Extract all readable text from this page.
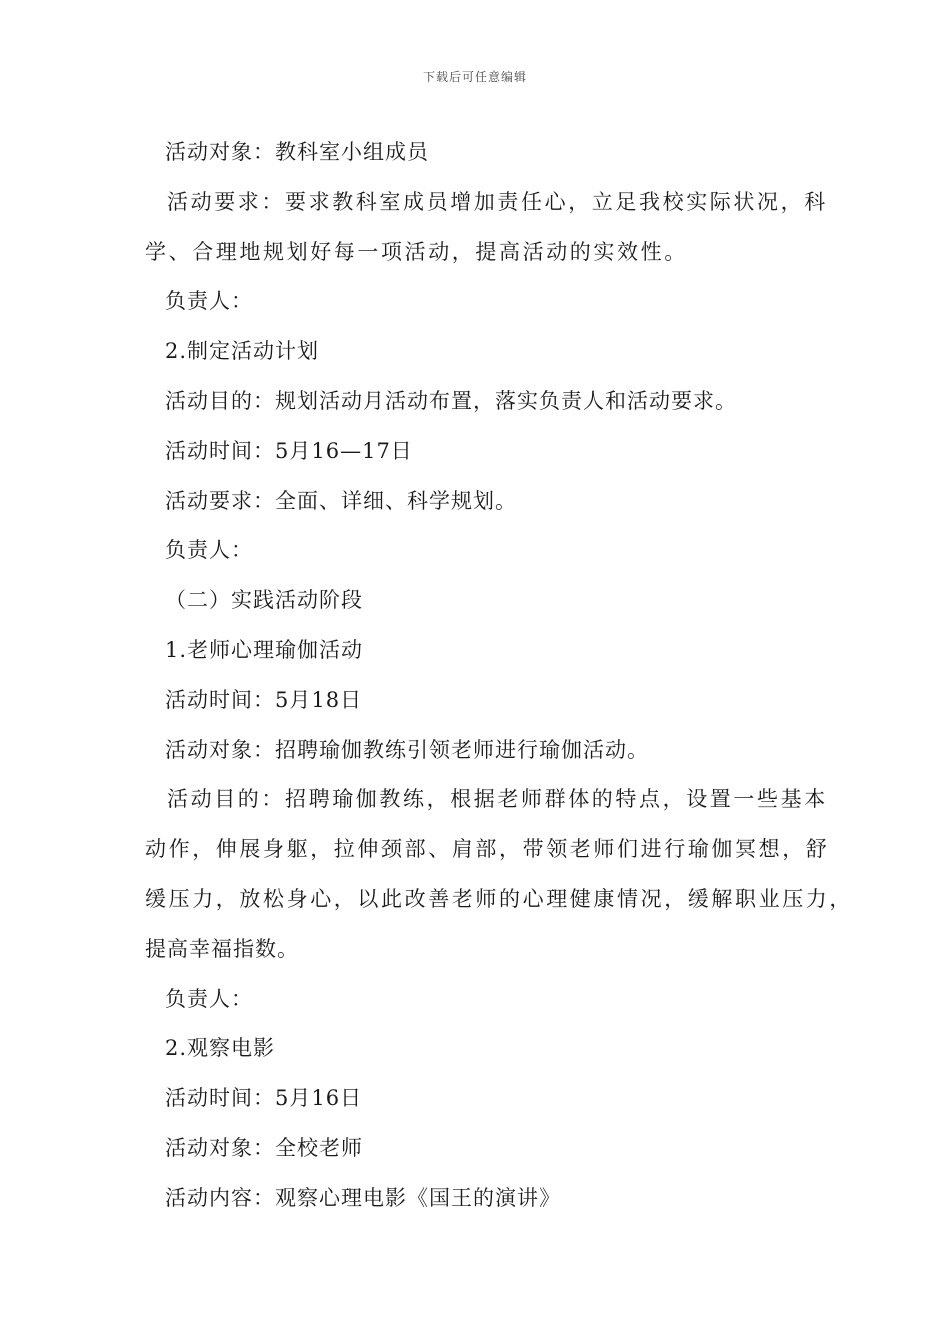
下载后可任意编辑
活动对象：教科室小组成员
活动要求：要求教科室成员增加责任心，立足我校实际状况，科
学、合理地规划好每一项活动，提高活动的实效性。
负责人：
2.制定活动计划
活动目的：规划活动月活动布置，落实负责人和活动要求。
活动时间：5月16—17日
活动要求：全面、详细、科学规划。
负责人：
（二）实践活动阶段
1.老师心理瑜伽活动
活动时间：5月18日
活动对象：招聘瑜伽教练引领老师进行瑜伽活动。
活动目的：招聘瑜伽教练，根据老师群体的特点，设置一些基本
动作，伸展身躯，拉伸颈部、肩部，带领老师们进行瑜伽冥想，舒
缓压力，放松身心，以此改善老师的心理健康情况，缓解职业压力，
提高幸福指数。
负责人：
2.观察电影
活动时间：5月16日
活动对象：全校老师
活动内容：观察心理电影《国王的演讲》
